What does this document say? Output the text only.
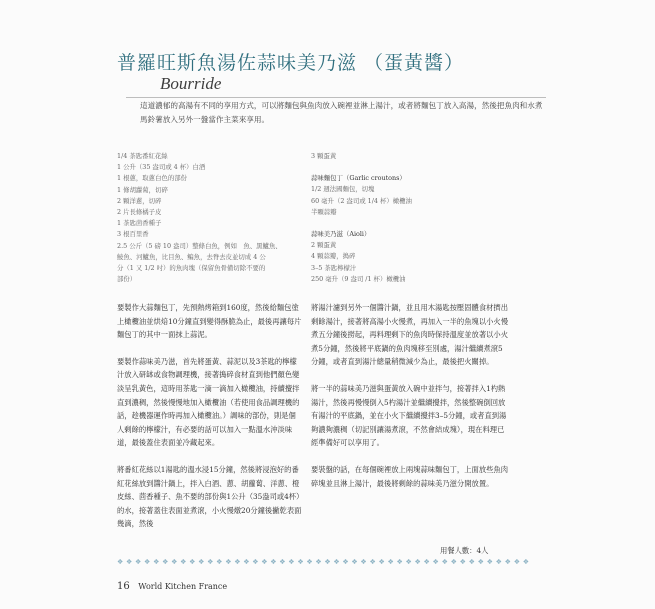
普羅旺斯魚湯佐蒜味美乃滋 （蛋黃醬）
Bourride
這道濃郁的高湯有不同的享用方式，可以將麵包與魚肉放入碗裡並淋上湯汁，或者將麵包丁放入高湯，然後把魚肉和水煮馬鈴薯放入另外一盤當作主菜來享用。
1/4 茶匙番紅花絲
1 公升（35 盎司或 4 杯）白酒
1 根蔥，取蔥白色的部份
1 條胡蘿蔔，切碎
2 顆洋蔥，切碎
2 片長條橘子皮
1 茶匙茴香種子
3 根百里香
2.5 公斤（5 磅 10 盎司）整條白魚，例如　魚、黑鱸魚、
鮟魚、河鱸魚，比目魚、鳊魚，去脊去皮並切成 4 公
分（1 又 1/2 吋）的魚肉塊（保留魚骨備切除不要的
部份）
3 顆蛋黃
蒜味麵包丁（Garlic croutons）
1/2 週法國麵包，切塊
60 毫升（2 盎司或 1/4 杯）橄欖油
半顆蒜瓣
蒜味美乃滋（Aioli）
2 顆蛋黃
4 顆蒜瓣，搗碎
3–5 茶匙檸檬汁
250 毫升（9 盎司 /1 杯）橄欖油

要製作大蒜麵包丁，先預熱烤箱到160度，然後給麵包塗上橄欖油並烘焙10分鐘直到變得酥脆為止，最後再讓每片麵包丁的其中一面抹上蒜泥。

要製作蒜味美乃滋，首先將蛋黃、蒜泥以及3茶匙的檸檬汁放入研缽或食物調理機，接著搗碎食材直到他們顏色變淡呈乳黃色，這時用茶匙一滴一滴加入橄欖油，持續攪拌直到濃稠，然後慢慢地加入橄欖油（若使用食品調理機的話，趁機器運作時再加入橄欖油。）調味的部份，則是個人剩餘的檸檬汁，有必要的話可以加入一點溫水沖淡味道，最後蓋住表面並冷藏起來。

將番紅花絲以1湯匙的溫水浸15分鐘，然後將浸泡好的番紅花絲放到醬汁鍋上，拌入白酒、蔥、胡蘿蔔、洋蔥、橙皮絲、茴香種子、魚不要的部份與1公升（35盎司或4杯）的水，接著蓋住表面並煮滾，小火慢燉20分鐘後撇乾表面幾滴，然後

將湯汁濾到另外一個醬汁鍋，並且用木湯匙按壓固體食材擠出剩餘湯汁，接著將高湯小火慢煮，再加入一半的魚塊以小火慢煮五分鐘後撈起，再料理剩下的魚肉時保持溫度並放著以小火煮5分鐘，然後將平底鍋的魚肉塊移至別處，湯汁繼續煮滾5分鐘，或者直到湯汁總量稍微減少為止，最後把火關掉。

將一半的蒜味美乃滋與蛋黃放入碗中並拌勻，接著拌入1杓熱湯汁，然後再慢慢倒入5杓湯汁並繼續攪拌，然後整碗倒回放有湯汁的平底鍋，並在小火下繼續攪拌3–5分鐘，或者直到湯夠濃夠濃稠（切記別讓湯煮滾，不然會結成塊），現在料理已經準備好可以享用了。

要裝盤的話，在每個碗裡放上兩塊蒜味麵包丁，上面放些魚肉碎塊並且淋上湯汁，最後將剩餘的蒜味美乃滋分開放置。

用餐人數：4人
❖ ❖ ❖ ❖ ❖ ❖ ❖ ❖ ❖ ❖ ❖ ❖ ❖ ❖ ❖ ❖ ❖ ❖ ❖ ❖ ❖ ❖ ❖ ❖ ❖ ❖ ❖ ❖ ❖ ❖ ❖ ❖ ❖ ❖ ❖ ❖ ❖ ❖ ❖ ❖ ❖ ❖ ❖ ❖ ❖ ❖
16 World Kitchen France
